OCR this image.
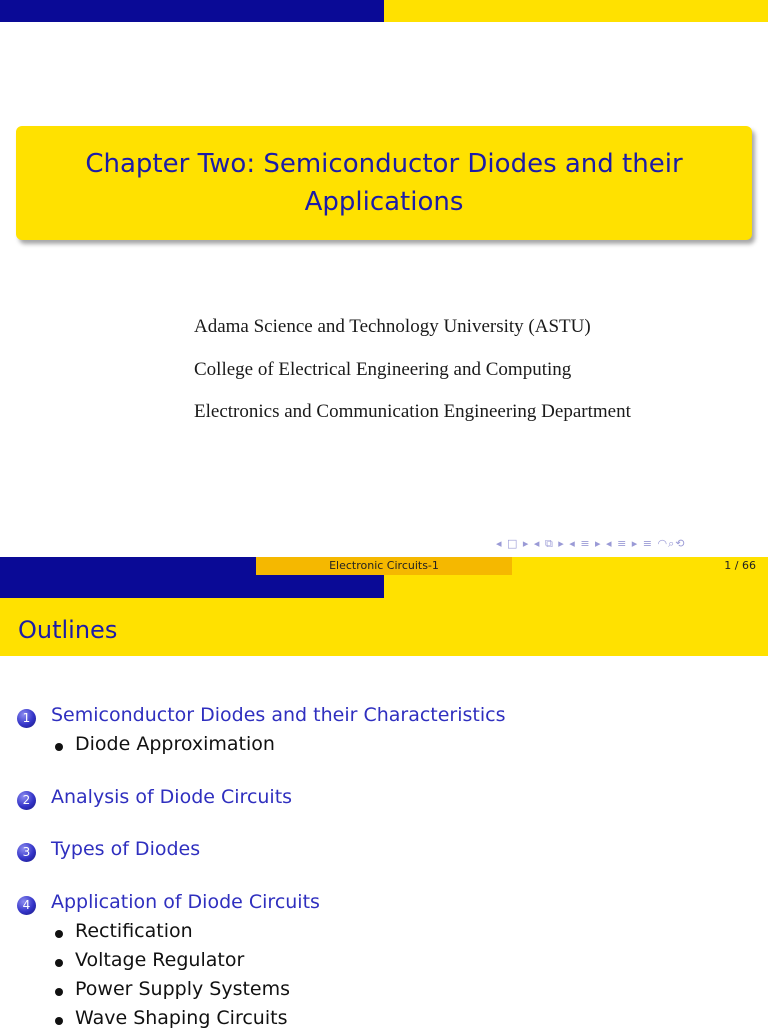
Chapter Two: Semiconductor Diodes and their Applications
Adama Science and Technology University (ASTU)
College of Electrical Engineering and Computing
Electronics and Communication Engineering Department
◂ □ ▸ ◂ ⧉ ▸ ◂ ≡ ▸ ◂ ≡ ▸ ≡ ◠⌕⟲
Electronic Circuits-1	1 / 66
Outlines
1 Semiconductor Diodes and their Characteristics
Diode Approximation
2 Analysis of Diode Circuits
3 Types of Diodes
4 Application of Diode Circuits
Rectification
Voltage Regulator
Power Supply Systems
Wave Shaping Circuits
